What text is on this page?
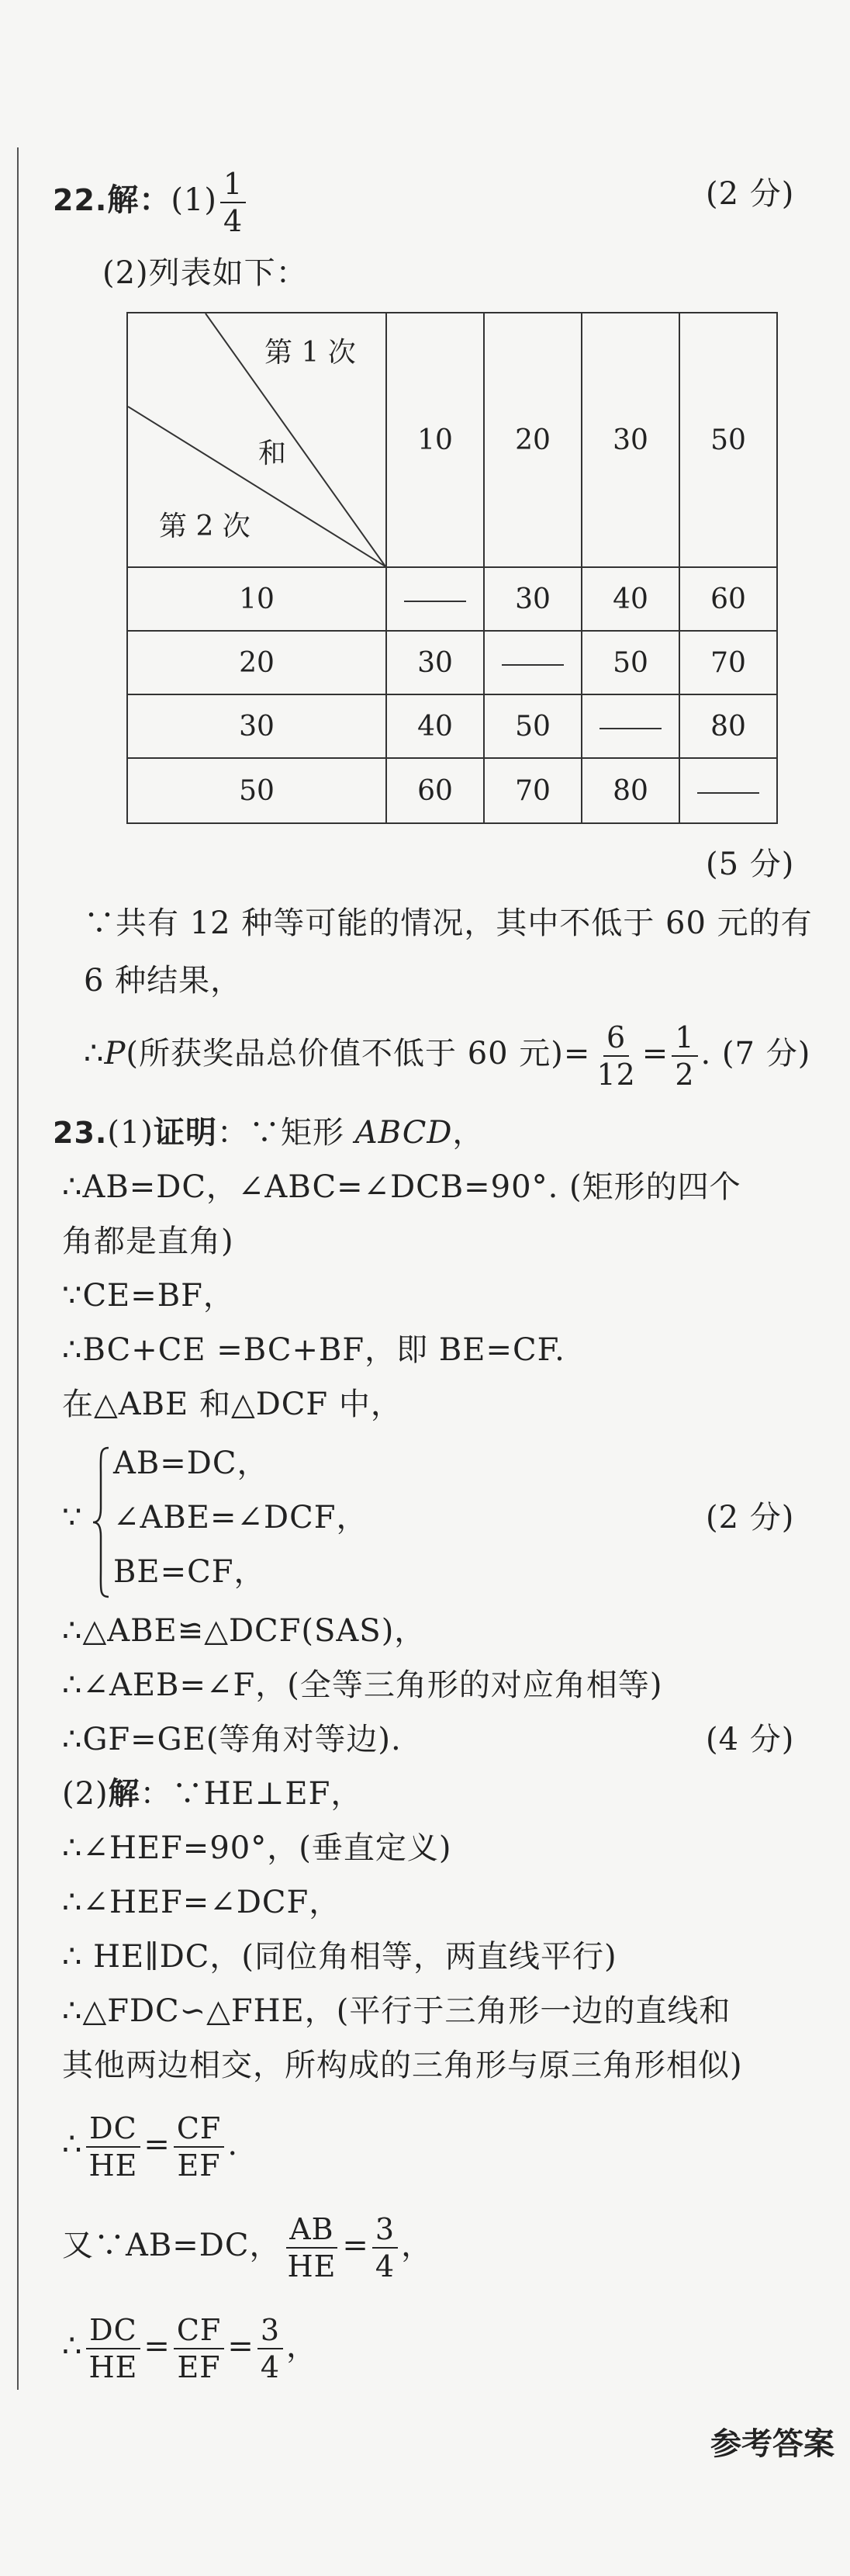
22.解：$(1) \frac{1}{4}$	(2 分)
(2)列表如下：
第 1 次
和
第 2 次	10	20	30	50
10		30	40	60
20	30		50	70
30	40	50		80
50	60	70	80	
(5 分)
∵共有 12 种等可能的情况，其中不低于 60 元的有
6 种结果，
∴P(所获奖品总价值不低于 60 元)= $\frac{6}{12} = \frac{1}{2}$ . (7 分)
23.(1)证明：∵矩形 ABCD，
∴AB=DC，∠ABC=∠DCB=90°. (矩形的四个
角都是直角)
∵CE=BF，
∴BC+CE =BC+BF，即 BE=CF.
在△ABE 和△DCF 中，
∵
AB=DC，
∠ABE=∠DCF，
BE=CF，
(2 分)
∴△ABE≌△DCF(SAS)，
∴∠AEB=∠F，(全等三角形的对应角相等)
∴GF=GE(等角对等边).	(4 分)
(2)解：∵HE⊥EF，
∴∠HEF=90°，(垂直定义)
∴∠HEF=∠DCF，
∴ HE∥DC，(同位角相等，两直线平行)
∴△FDC∽△FHE，(平行于三角形一边的直线和
其他两边相交，所构成的三角形与原三角形相似)
∴ $\frac{DC}{HE} = \frac{CF}{EF}$ .
又∵AB=DC， $\frac{AB}{HE} = \frac{3}{4}$ ，
∴ $\frac{DC}{HE} = \frac{CF}{EF} = \frac{3}{4}$ ，
参考答案
